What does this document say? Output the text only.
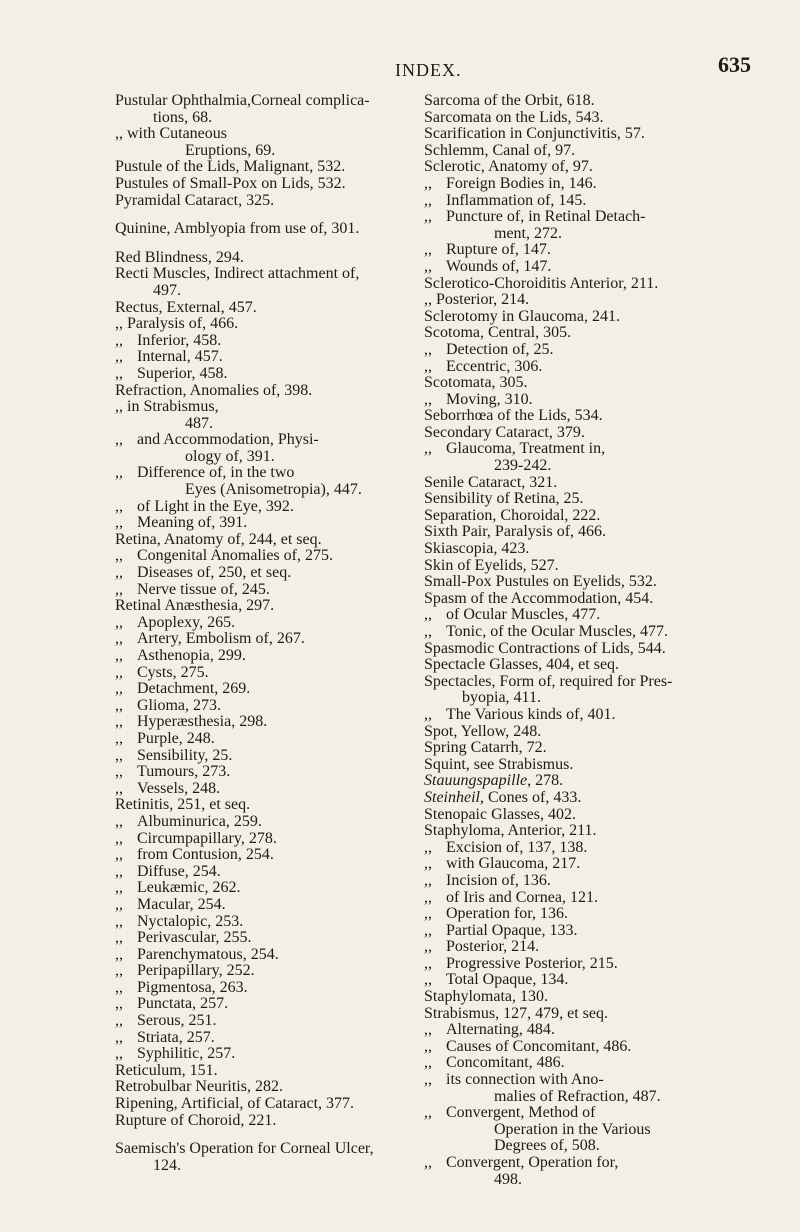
INDEX.	635
Pustular Ophthalmia,Corneal complica-
tions, 68.
,, with Cutaneous
Eruptions, 69.
Pustule of the Lids, Malignant, 532.
Pustules of Small-Pox on Lids, 532.
Pyramidal Cataract, 325.
Quinine, Amblyopia from use of, 301.
Red Blindness, 294.
Recti Muscles, Indirect attachment of,
497.
Rectus, External, 457.
,, Paralysis of, 466.
,, Inferior, 458.
,, Internal, 457.
,, Superior, 458.
Refraction, Anomalies of, 398.
,, in Strabismus,
487.
,, and Accommodation, Physi-
ology of, 391.
,, Difference of, in the two
Eyes (Anisometropia), 447.
,, of Light in the Eye, 392.
,, Meaning of, 391.
Retina, Anatomy of, 244, et seq.
,, Congenital Anomalies of, 275.
,, Diseases of, 250, et seq.
,, Nerve tissue of, 245.
Retinal Anæsthesia, 297.
,, Apoplexy, 265.
,, Artery, Embolism of, 267.
,, Asthenopia, 299.
,, Cysts, 275.
,, Detachment, 269.
,, Glioma, 273.
,, Hyperæsthesia, 298.
,, Purple, 248.
,, Sensibility, 25.
,, Tumours, 273.
,, Vessels, 248.
Retinitis, 251, et seq.
,, Albuminurica, 259.
,, Circumpapillary, 278.
,, from Contusion, 254.
,, Diffuse, 254.
,, Leukæmic, 262.
,, Macular, 254.
,, Nyctalopic, 253.
,, Perivascular, 255.
,, Parenchymatous, 254.
,, Peripapillary, 252.
,, Pigmentosa, 263.
,, Punctata, 257.
,, Serous, 251.
,, Striata, 257.
,, Syphilitic, 257.
Reticulum, 151.
Retrobulbar Neuritis, 282.
Ripening, Artificial, of Cataract, 377.
Rupture of Choroid, 221.
Saemisch's Operation for Corneal Ulcer,
124.
Sarcoma of the Orbit, 618.
Sarcomata on the Lids, 543.
Scarification in Conjunctivitis, 57.
Schlemm, Canal of, 97.
Sclerotic, Anatomy of, 97.
,, Foreign Bodies in, 146.
,, Inflammation of, 145.
,, Puncture of, in Retinal Detach-
ment, 272.
,, Rupture of, 147.
,, Wounds of, 147.
Sclerotico-Choroiditis Anterior, 211.
,, Posterior, 214.
Sclerotomy in Glaucoma, 241.
Scotoma, Central, 305.
,, Detection of, 25.
,, Eccentric, 306.
Scotomata, 305.
,, Moving, 310.
Seborrhœa of the Lids, 534.
Secondary Cataract, 379.
,, Glaucoma, Treatment in,
239-242.
Senile Cataract, 321.
Sensibility of Retina, 25.
Separation, Choroidal, 222.
Sixth Pair, Paralysis of, 466.
Skiascopia, 423.
Skin of Eyelids, 527.
Small-Pox Pustules on Eyelids, 532.
Spasm of the Accommodation, 454.
,, of Ocular Muscles, 477.
,, Tonic, of the Ocular Muscles, 477.
Spasmodic Contractions of Lids, 544.
Spectacle Glasses, 404, et seq.
Spectacles, Form of, required for Pres-
byopia, 411.
,, The Various kinds of, 401.
Spot, Yellow, 248.
Spring Catarrh, 72.
Squint, see Strabismus.
Stauungspapille, 278.
Steinheil, Cones of, 433.
Stenopaic Glasses, 402.
Staphyloma, Anterior, 211.
,, Excision of, 137, 138.
,, with Glaucoma, 217.
,, Incision of, 136.
,, of Iris and Cornea, 121.
,, Operation for, 136.
,, Partial Opaque, 133.
,, Posterior, 214.
,, Progressive Posterior, 215.
,, Total Opaque, 134.
Staphylomata, 130.
Strabismus, 127, 479, et seq.
,, Alternating, 484.
,, Causes of Concomitant, 486.
,, Concomitant, 486.
,, its connection with Ano-
malies of Refraction, 487.
,, Convergent, Method of
Operation in the Various
Degrees of, 508.
,, Convergent, Operation for,
498.
